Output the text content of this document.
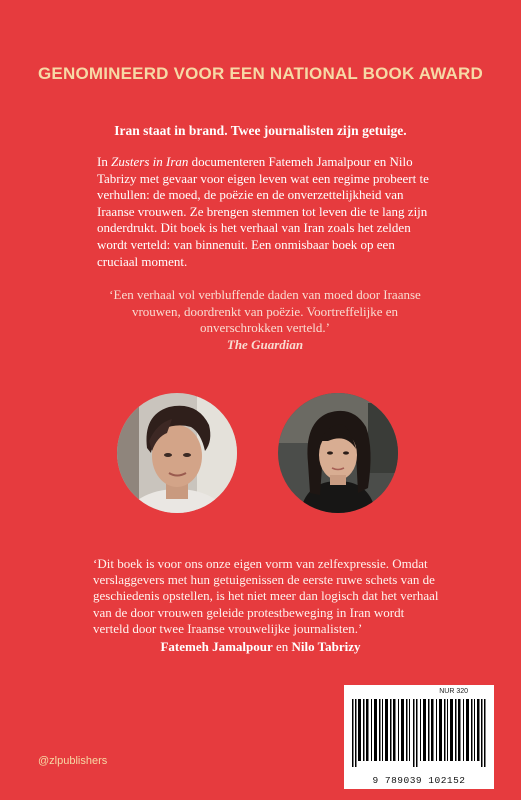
GENOMINEERD VOOR EEN NATIONAL BOOK AWARD
Iran staat in brand. Twee journalisten zijn getuige.
In Zusters in Iran documenteren Fatemeh Jamalpour en Nilo Tabrizy met gevaar voor eigen leven wat een regime probeert te verhullen: de moed, de poëzie en de onverzettelijkheid van Iraanse vrouwen. Ze brengen stemmen tot leven die te lang zijn onderdrukt. Dit boek is het verhaal van Iran zoals het zelden wordt verteld: van binnenuit. Een onmisbaar boek op een cruciaal moment.
‘Een verhaal vol verbluffende daden van moed door Iraanse vrouwen, doordrenkt van poëzie. Voortreffelijke en onverschrokken verteld.’
The Guardian
‘Dit boek is voor ons onze eigen vorm van zelfexpressie. Omdat verslaggevers met hun getuigenissen de eerste ruwe schets van de geschiedenis opstellen, is het niet meer dan logisch dat het verhaal van de door vrouwen geleide protestbeweging in Iran wordt verteld door twee Iraanse vrouwelijke journalisten.’
Fatemeh Jamalpour en Nilo Tabrizy
@zlpublishers
NUR 320
9 789039 102152
